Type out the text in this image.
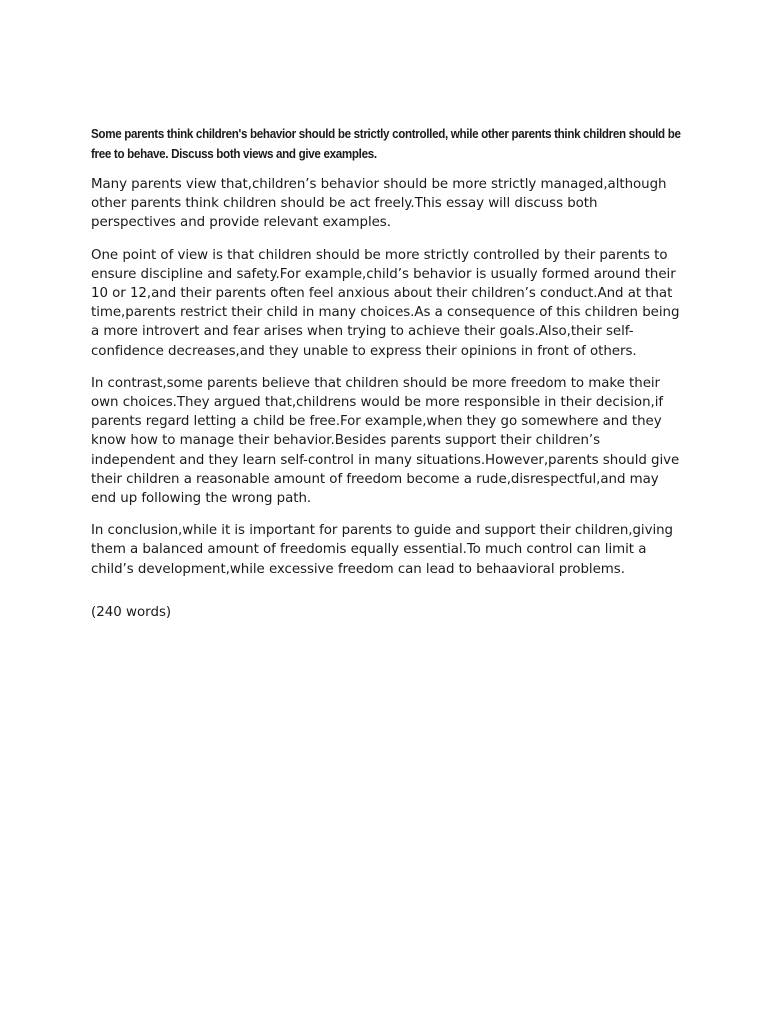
Some parents think children's behavior should be strictly controlled, while other parents think children should be free to behave. Discuss both views and give examples.

Many parents view that,children’s behavior should be more strictly managed,although other parents think children should be act freely.This essay will discuss both perspectives and provide relevant examples.

One point of view is that children should be more strictly controlled by their parents to ensure discipline and safety.For example,child’s behavior is usually formed around their 10 or 12,and their parents often feel anxious about their children’s conduct.And at that time,parents restrict their child in many choices.As a consequence of this children being a more introvert and fear arises when trying to achieve their goals.Also,their self-confidence decreases,and they unable to express their opinions in front of others.

In contrast,some parents believe that children should be more freedom to make their own choices.They argued that,childrens would be more responsible in their decision,if parents regard letting a child be free.For example,when they go somewhere and they know how to manage their behavior.Besides parents support their children’s independent and they learn self-control in many situations.However,parents should give their children a reasonable amount of freedom become a rude,disrespectful,and may end up following the wrong path.

In conclusion,while it is important for parents to guide and support their children,giving them a balanced amount of freedomis equally essential.To much control can limit a child’s development,while excessive freedom can lead to behaavioral problems.

(240 words)
